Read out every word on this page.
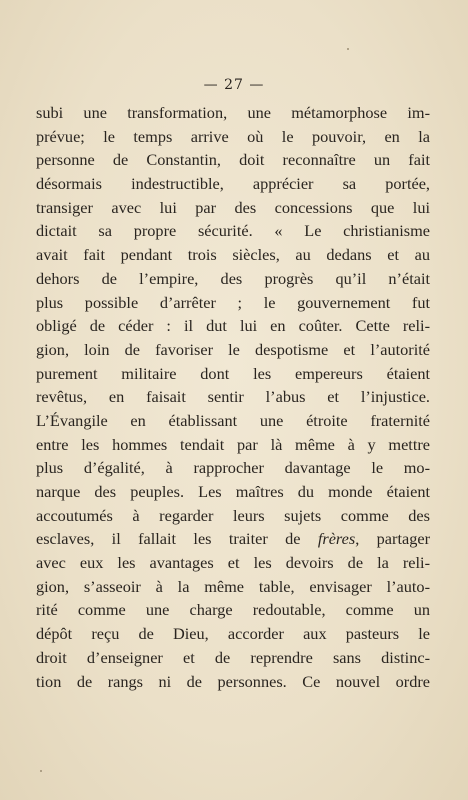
— 27 —
subi une transformation, une métamorphose im-
prévue; le temps arrive où le pouvoir, en la
personne de Constantin, doit reconnaître un fait
désormais indestructible, apprécier sa portée,
transiger avec lui par des concessions que lui
dictait sa propre sécurité. « Le christianisme
avait fait pendant trois siècles, au dedans et au
dehors de l’empire, des progrès qu’il n’était
plus possible d’arrêter ; le gouvernement fut
obligé de céder : il dut lui en coûter. Cette reli-
gion, loin de favoriser le despotisme et l’autorité
purement militaire dont les empereurs étaient
revêtus, en faisait sentir l’abus et l’injustice.
L’Évangile en établissant une étroite fraternité
entre les hommes tendait par là même à y mettre
plus d’égalité, à rapprocher davantage le mo-
narque des peuples. Les maîtres du monde étaient
accoutumés à regarder leurs sujets comme des
esclaves, il fallait les traiter de frères, partager
avec eux les avantages et les devoirs de la reli-
gion, s’asseoir à la même table, envisager l’auto-
rité comme une charge redoutable, comme un
dépôt reçu de Dieu, accorder aux pasteurs le
droit d’enseigner et de reprendre sans distinc-
tion de rangs ni de personnes. Ce nouvel ordre
